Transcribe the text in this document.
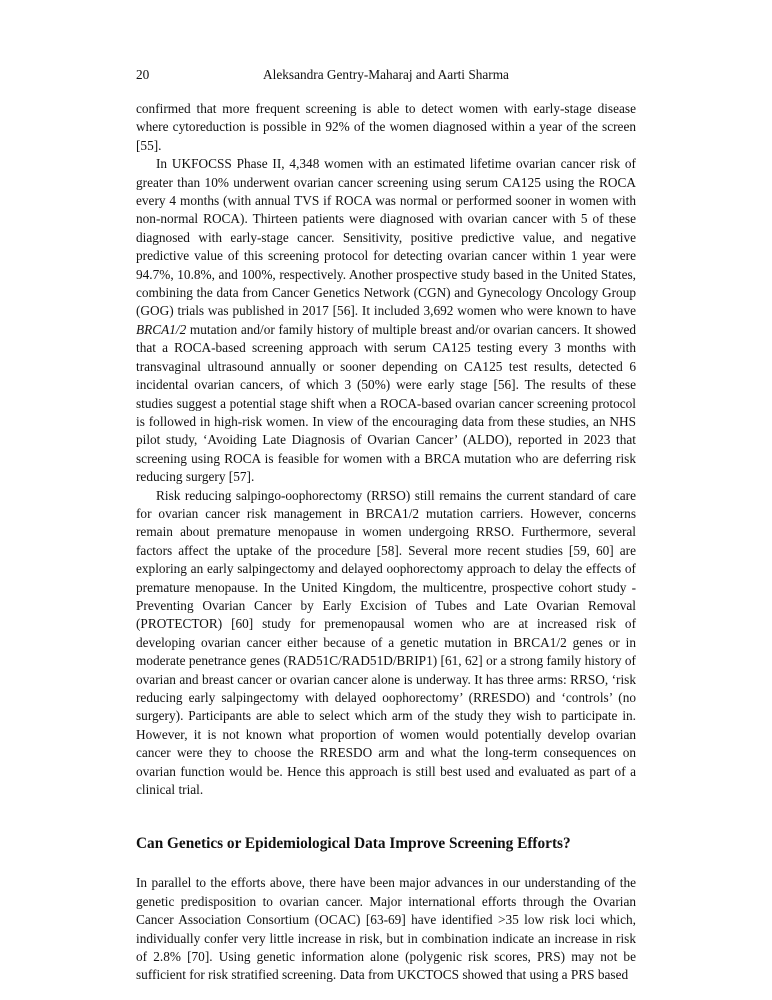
20	Aleksandra Gentry-Maharaj and Aarti Sharma

confirmed that more frequent screening is able to detect women with early-stage disease where cytoreduction is possible in 92% of the women diagnosed within a year of the screen [55].

In UKFOCSS Phase II, 4,348 women with an estimated lifetime ovarian cancer risk of greater than 10% underwent ovarian cancer screening using serum CA125 using the ROCA every 4 months (with annual TVS if ROCA was normal or performed sooner in women with non-normal ROCA). Thirteen patients were diagnosed with ovarian cancer with 5 of these diagnosed with early-stage cancer. Sensitivity, positive predictive value, and negative predictive value of this screening protocol for detecting ovarian cancer within 1 year were 94.7%, 10.8%, and 100%, respectively. Another prospective study based in the United States, combining the data from Cancer Genetics Network (CGN) and Gynecology Oncology Group (GOG) trials was published in 2017 [56]. It included 3,692 women who were known to have BRCA1/2 mutation and/or family history of multiple breast and/or ovarian cancers. It showed that a ROCA-based screening approach with serum CA125 testing every 3 months with transvaginal ultrasound annually or sooner depending on CA125 test results, detected 6 incidental ovarian cancers, of which 3 (50%) were early stage [56]. The results of these studies suggest a potential stage shift when a ROCA-based ovarian cancer screening protocol is followed in high-risk women. In view of the encouraging data from these studies, an NHS pilot study, ‘Avoiding Late Diagnosis of Ovarian Cancer’ (ALDO), reported in 2023 that screening using ROCA is feasible for women with a BRCA mutation who are deferring risk reducing surgery [57].

Risk reducing salpingo-oophorectomy (RRSO) still remains the current standard of care for ovarian cancer risk management in BRCA1/2 mutation carriers. However, concerns remain about premature menopause in women undergoing RRSO. Furthermore, several factors affect the uptake of the procedure [58]. Several more recent studies [59, 60] are exploring an early salpingectomy and delayed oophorectomy approach to delay the effects of premature menopause. In the United Kingdom, the multicentre, prospective cohort study - Preventing Ovarian Cancer by Early Excision of Tubes and Late Ovarian Removal (PROTECTOR) [60] study for premenopausal women who are at increased risk of developing ovarian cancer either because of a genetic mutation in BRCA1/2 genes or in moderate penetrance genes (RAD51C/RAD51D/BRIP1) [61, 62] or a strong family history of ovarian and breast cancer or ovarian cancer alone is underway. It has three arms: RRSO, ‘risk reducing early salpingectomy with delayed oophorectomy’ (RRESDO) and ‘controls’ (no surgery). Participants are able to select which arm of the study they wish to participate in. However, it is not known what proportion of women would potentially develop ovarian cancer were they to choose the RRESDO arm and what the long-term consequences on ovarian function would be. Hence this approach is still best used and evaluated as part of a clinical trial.

Can Genetics or Epidemiological Data Improve Screening Efforts?

In parallel to the efforts above, there have been major advances in our understanding of the genetic predisposition to ovarian cancer. Major international efforts through the Ovarian Cancer Association Consortium (OCAC) [63-69] have identified >35 low risk loci which, individually confer very little increase in risk, but in combination indicate an increase in risk of 2.8% [70]. Using genetic information alone (polygenic risk scores, PRS) may not be sufficient for risk stratified screening. Data from UKCTOCS showed that using a PRS based
